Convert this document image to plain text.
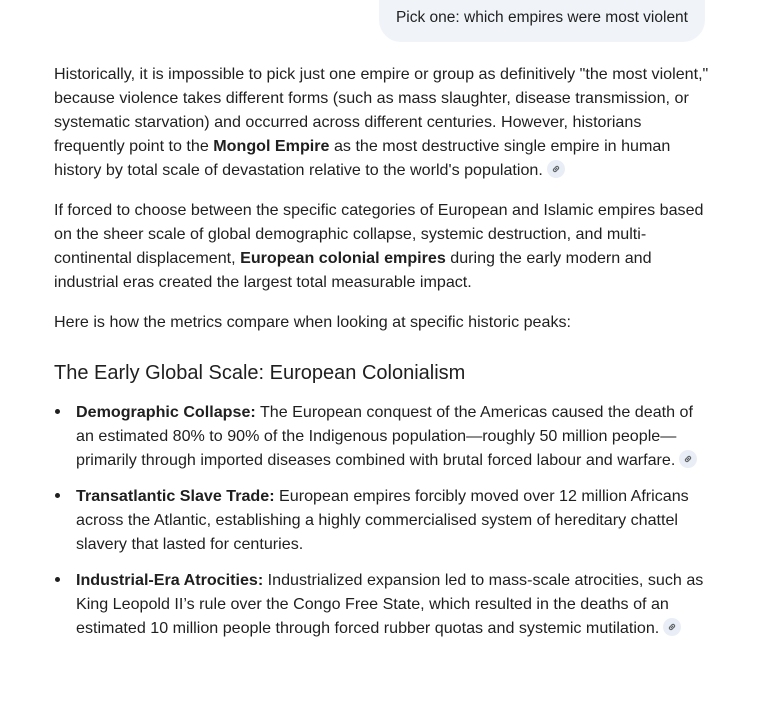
Pick one: which empires were most violent

Historically, it is impossible to pick just one empire or group as definitively "the most violent," because violence takes different forms (such as mass slaughter, disease transmission, or systematic starvation) and occurred across different centuries. However, historians frequently point to the Mongol Empire as the most destructive single empire in human history by total scale of devastation relative to the world's population.

If forced to choose between the specific categories of European and Islamic empires based on the sheer scale of global demographic collapse, systemic destruction, and multi-continental displacement, European colonial empires during the early modern and industrial eras created the largest total measurable impact.

Here is how the metrics compare when looking at specific historic peaks:

The Early Global Scale: European Colonialism
Demographic Collapse: The European conquest of the Americas caused the death of an estimated 80% to 90% of the Indigenous population—roughly 50 million people—primarily through imported diseases combined with brutal forced labour and warfare.
Transatlantic Slave Trade: European empires forcibly moved over 12 million Africans across the Atlantic, establishing a highly commercialised system of hereditary chattel slavery that lasted for centuries.
Industrial-Era Atrocities: Industrialized expansion led to mass-scale atrocities, such as King Leopold II’s rule over the Congo Free State, which resulted in the deaths of an estimated 10 million people through forced rubber quotas and systemic mutilation.
